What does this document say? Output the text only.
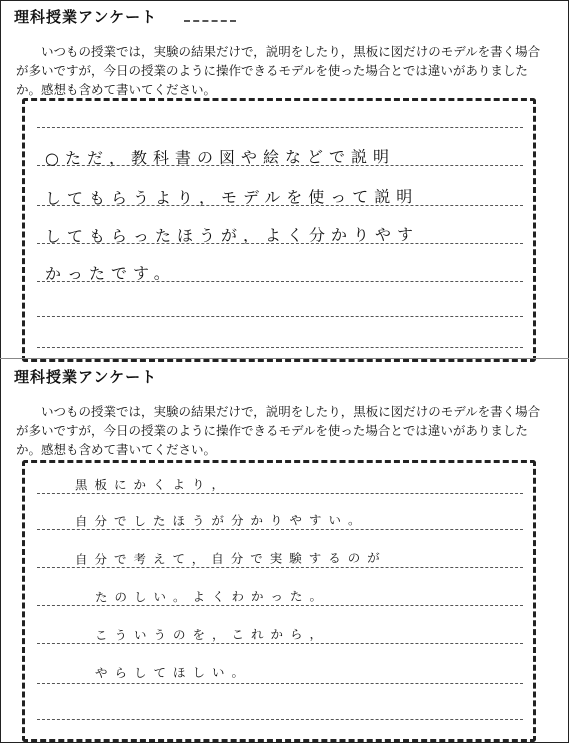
理科授業アンケート

いつもの授業では，実験の結果だけで，説明をしたり，黒板に図だけのモデルを書く場合が多いですが，今日の授業のように操作できるモデルを使った場合とでは違いがありましたか。感想も含めて書いてください。

○ただ，教科書の図や絵などで説明
してもらうより，モデルを使って説明
してもらったほうが，よく分かりやす
かったです。
理科授業アンケート

いつもの授業では，実験の結果だけで，説明をしたり，黒板に図だけのモデルを書く場合が多いですが，今日の授業のように操作できるモデルを使った場合とでは違いがありましたか。感想も含めて書いてください。

黒板にかくより，
自分でしたほうが分かりやすい。
自分で考えて，自分で実験するのが
たのしい。よくわかった。
こういうのを，これから，
やらしてほしい。
